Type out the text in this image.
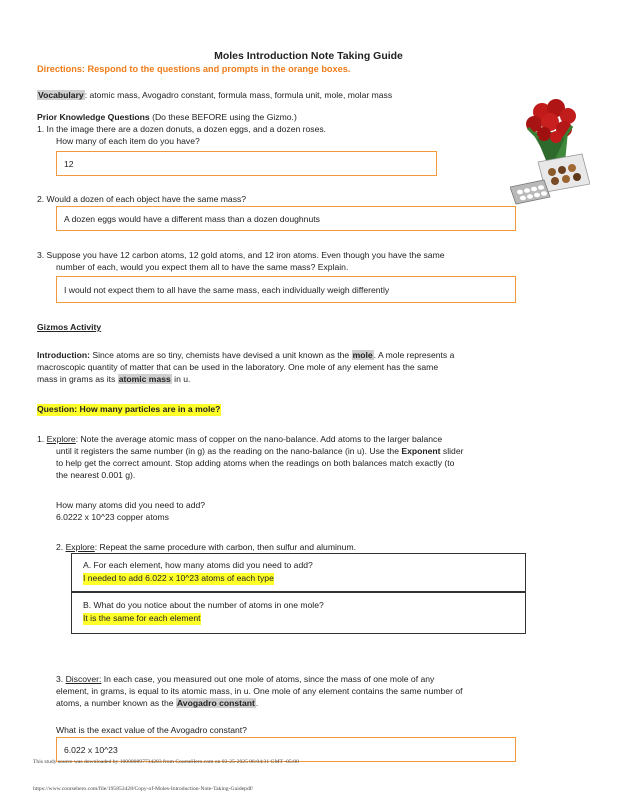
Moles Introduction Note Taking Guide
Directions: Respond to the questions and prompts in the orange boxes.
Vocabulary: atomic mass, Avogadro constant, formula mass, formula unit, mole, molar mass
Prior Knowledge Questions (Do these BEFORE using the Gizmo.)
1. In the image there are a dozen donuts, a dozen eggs, and a dozen roses.
How many of each item do you have?
12
2. Would a dozen of each object have the same mass?
A dozen eggs would have a different mass than a dozen doughnuts
3. Suppose you have 12 carbon atoms, 12 gold atoms, and 12 iron atoms. Even though you have the same
number of each, would you expect them all to have the same mass? Explain.
I would not expect them to all have the same mass, each individually weigh differently
Gizmos Activity
Introduction: Since atoms are so tiny, chemists have devised a unit known as the mole. A mole represents a
macroscopic quantity of matter that can be used in the laboratory. One mole of any element has the same
mass in grams as its atomic mass in u.
Question: How many particles are in a mole?
1. Explore: Note the average atomic mass of copper on the nano-balance. Add atoms to the larger balance
until it registers the same number (in g) as the reading on the nano-balance (in u). Use the Exponent slider
to help get the correct amount. Stop adding atoms when the readings on both balances match exactly (to
the nearest 0.001 g).
How many atoms did you need to add?
6.0222 x 10^23 copper atoms
2. Explore: Repeat the same procedure with carbon, then sulfur and aluminum.
A. For each element, how many atoms did you need to add?
I needed to add 6.022 x 10^23 atoms of each type
B. What do you notice about the number of atoms in one mole?
It is the same for each element
3. Discover: In each case, you measured out one mole of atoms, since the mass of one mole of any
element, in grams, is equal to its atomic mass, in u. One mole of any element contains the same number of
atoms, a number known as the Avogadro constant.
What is the exact value of the Avogadro constant?
6.022 x 10^23
This study source was downloaded by 100000897734283 from CourseHero.com on 03-25-2025 06:04:31 GMT -05:00
https://www.coursehero.com/file/195853428/Copy-of-Moles-Introduction-Note-Taking-Guidepdf/
